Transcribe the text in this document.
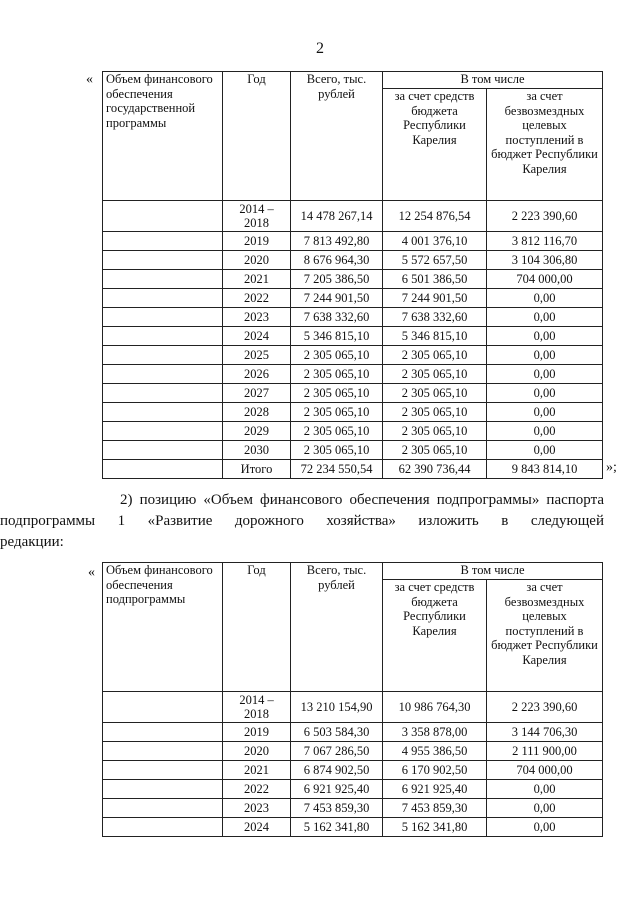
2
« Объем финансового обеспечения государственной программы	Год	Всего, тыс. рублей	В том числе	
			за счет средств бюджета Республики Карелия	за счет безвозмездных целевых поступлений в бюджет Республики Карелия
	2014 – 2018	14 478 267,14	12 254 876,54	2 223 390,60
	2019	7 813 492,80	4 001 376,10	3 812 116,70
	2020	8 676 964,30	5 572 657,50	3 104 306,80
	2021	7 205 386,50	6 501 386,50	704 000,00
	2022	7 244 901,50	7 244 901,50	0,00
	2023	7 638 332,60	7 638 332,60	0,00
	2024	5 346 815,10	5 346 815,10	0,00
	2025	2 305 065,10	2 305 065,10	0,00
	2026	2 305 065,10	2 305 065,10	0,00
	2027	2 305 065,10	2 305 065,10	0,00
	2028	2 305 065,10	2 305 065,10	0,00
	2029	2 305 065,10	2 305 065,10	0,00
	2030	2 305 065,10	2 305 065,10	0,00
	Итого	72 234 550,54	62 390 736,44	9 843 814,10 »;
2) позицию «Объем финансового обеспечения подпрограммы» паспорта
подпрограммы 1 «Развитие дорожного хозяйства» изложить в следующей
редакции:
« Объем финансового обеспечения подпрограммы	Год	Всего, тыс. рублей	В том числе	
			за счет средств бюджета Республики Карелия	за счет безвозмездных целевых поступлений в бюджет Республики Карелия
	2014 – 2018	13 210 154,90	10 986 764,30	2 223 390,60
	2019	6 503 584,30	3 358 878,00	3 144 706,30
	2020	7 067 286,50	4 955 386,50	2 111 900,00
	2021	6 874 902,50	6 170 902,50	704 000,00
	2022	6 921 925,40	6 921 925,40	0,00
	2023	7 453 859,30	7 453 859,30	0,00
	2024	5 162 341,80	5 162 341,80	0,00
